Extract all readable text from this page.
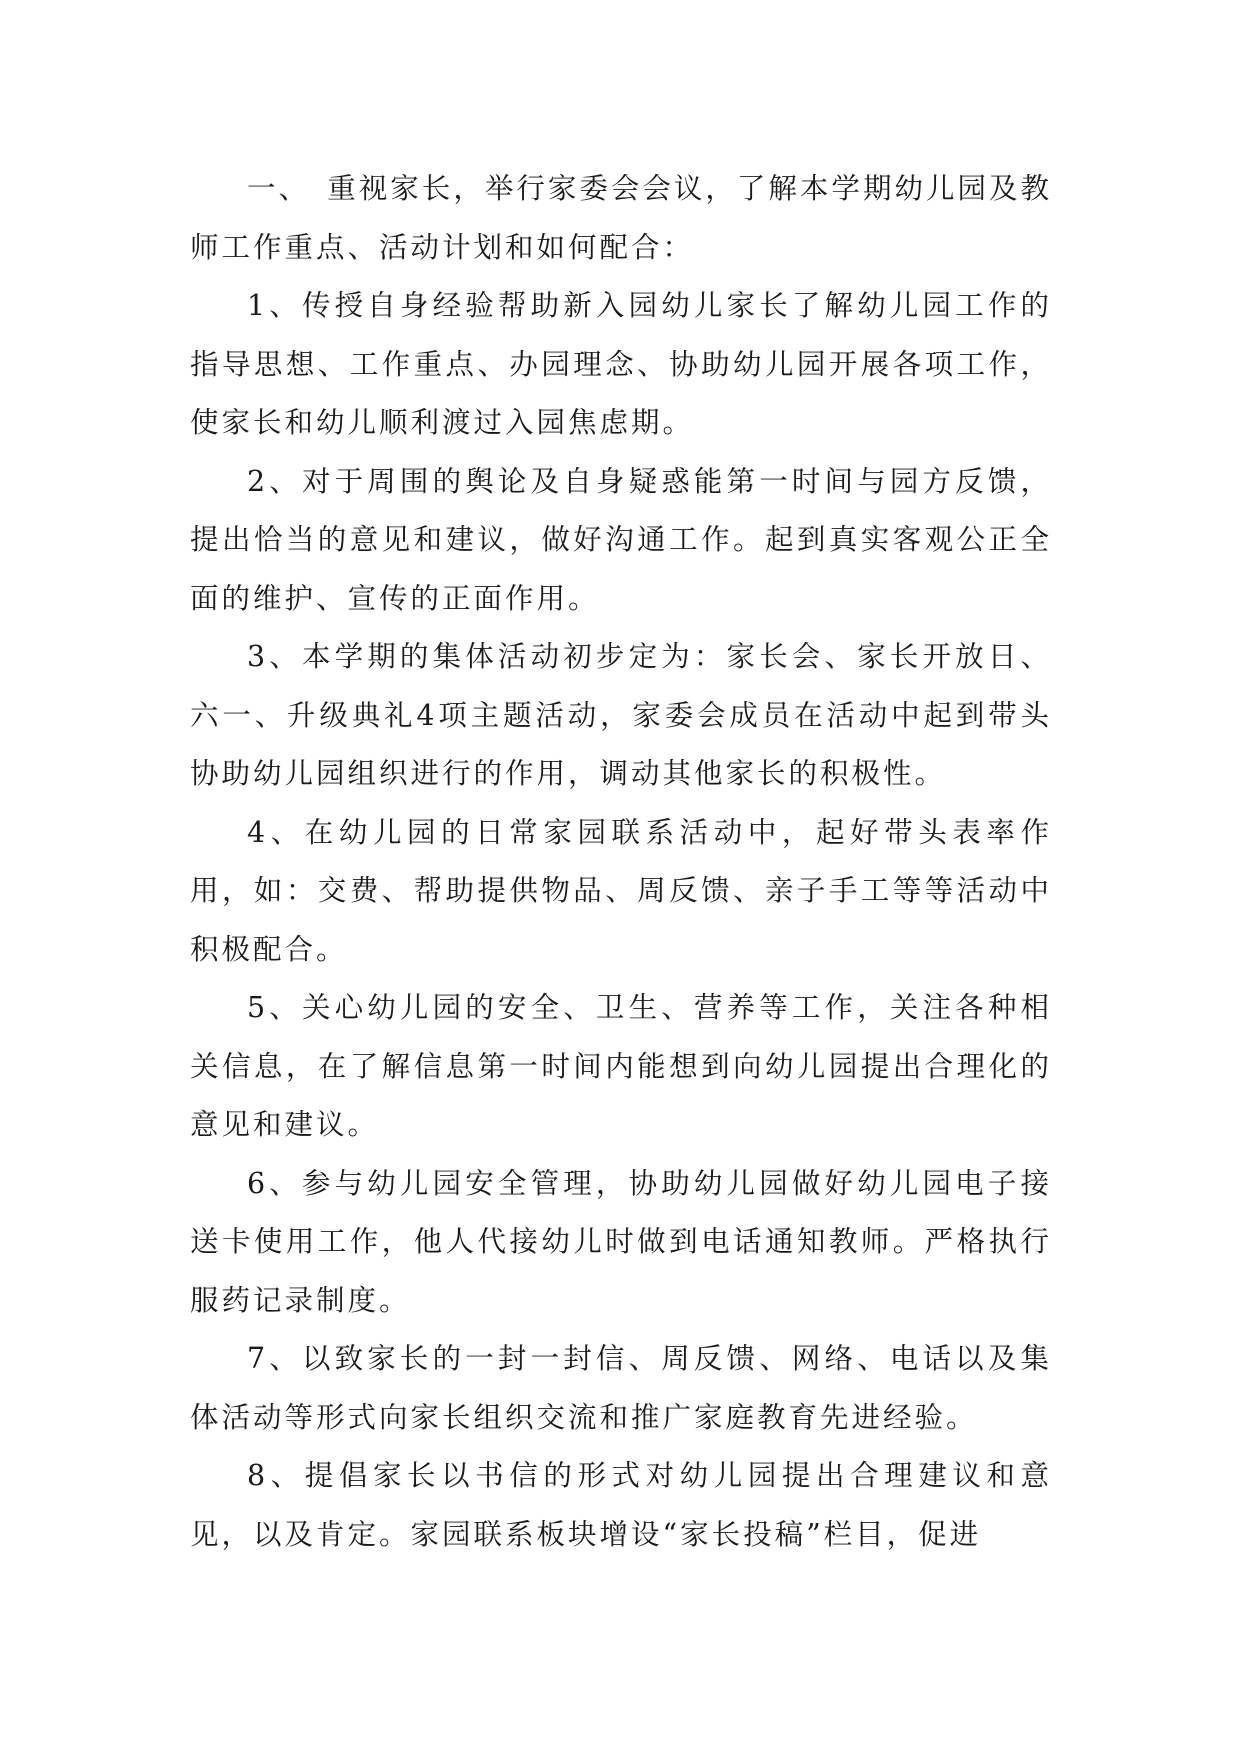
一、　重视家长，举行家委会会议，了解本学期幼儿园及教师工作重点、活动计划和如何配合：

1、传授自身经验帮助新入园幼儿家长了解幼儿园工作的指导思想、工作重点、办园理念、协助幼儿园开展各项工作，使家长和幼儿顺利渡过入园焦虑期。

2、对于周围的舆论及自身疑惑能第一时间与园方反馈，提出恰当的意见和建议，做好沟通工作。起到真实客观公正全面的维护、宣传的正面作用。

3、本学期的集体活动初步定为：家长会、家长开放日、六一、升级典礼4项主题活动，家委会成员在活动中起到带头协助幼儿园组织进行的作用，调动其他家长的积极性。

4、在幼儿园的日常家园联系活动中，起好带头表率作用，如：交费、帮助提供物品、周反馈、亲子手工等等活动中积极配合。

5、关心幼儿园的安全、卫生、营养等工作，关注各种相关信息，在了解信息第一时间内能想到向幼儿园提出合理化的意见和建议。

6、参与幼儿园安全管理，协助幼儿园做好幼儿园电子接送卡使用工作，他人代接幼儿时做到电话通知教师。严格执行服药记录制度。

7、以致家长的一封一封信、周反馈、网络、电话以及集体活动等形式向家长组织交流和推广家庭教育先进经验。

8、提倡家长以书信的形式对幼儿园提出合理建议和意见，以及肯定。家园联系板块增设“家长投稿”栏目，促进
